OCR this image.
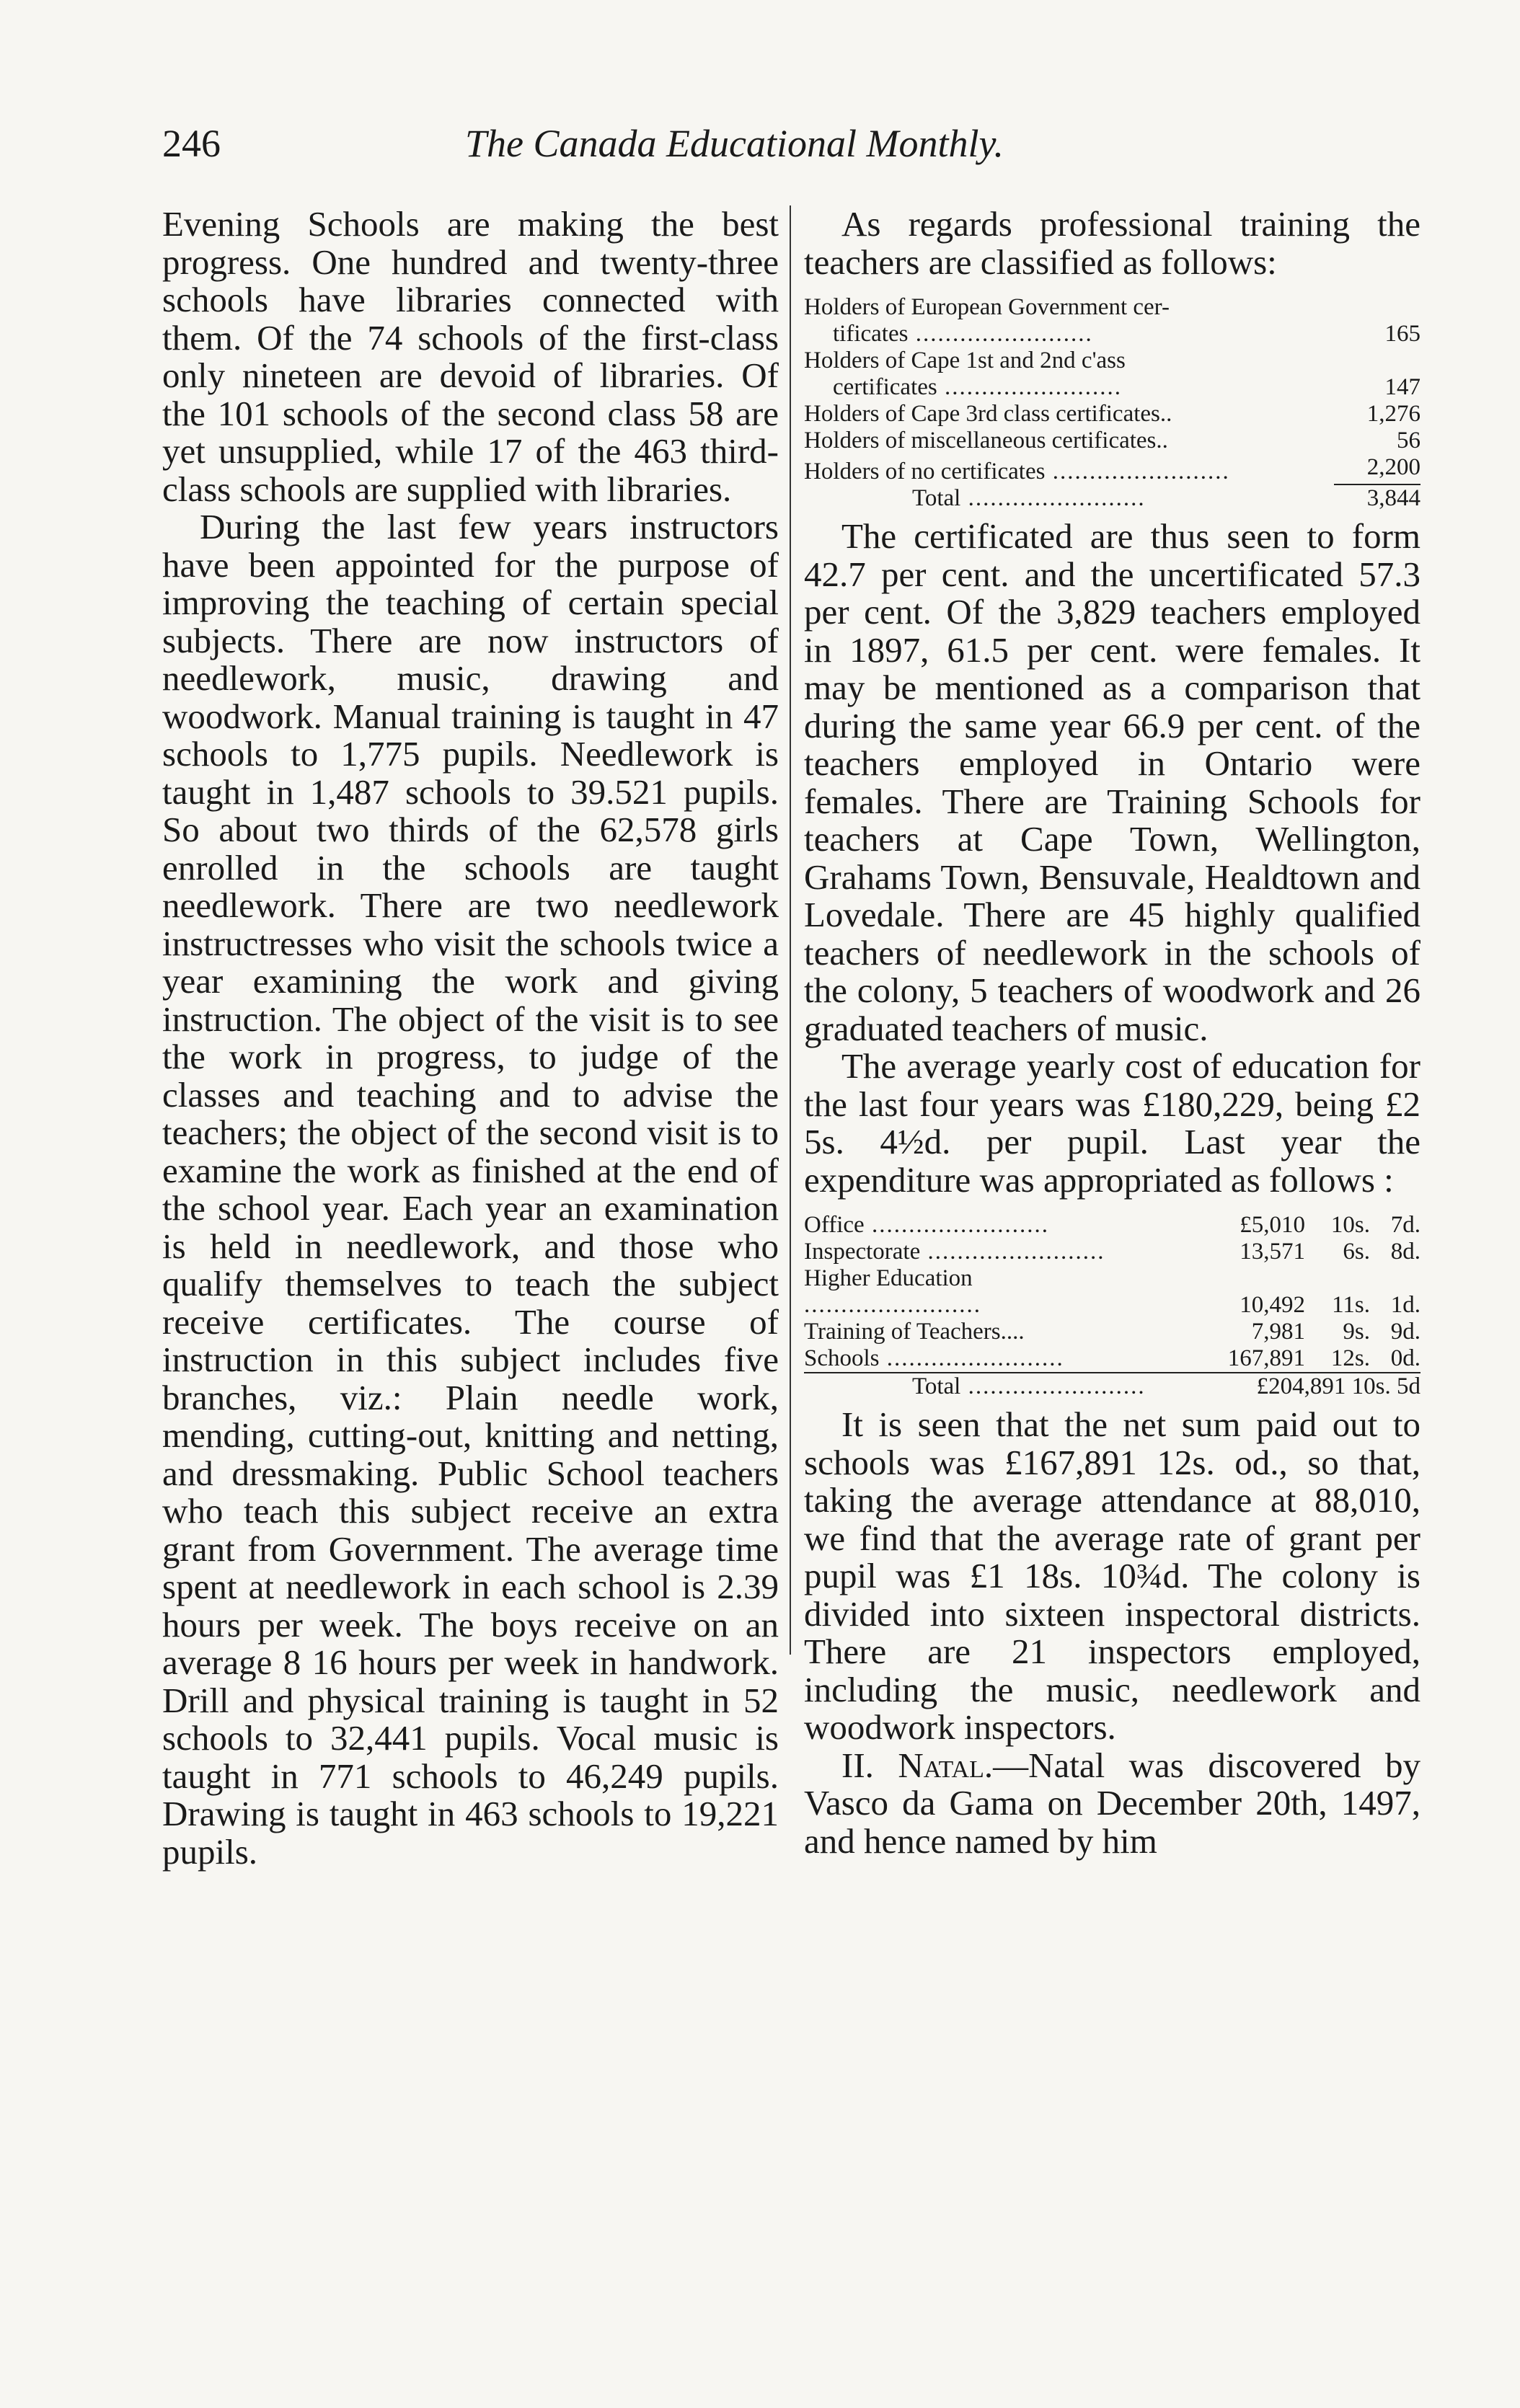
246	The Canada Educational Monthly.

Evening Schools are making the best progress. One hundred and twenty-three schools have libraries connected with them. Of the 74 schools of the first-class only nineteen are devoid of libraries. Of the 101 schools of the second class 58 are yet unsupplied, while 17 of the 463 third-class schools are supplied with libraries.

During the last few years instructors have been appointed for the purpose of improving the teaching of certain special subjects. There are now instructors of needlework, music, drawing and woodwork. Manual training is taught in 47 schools to 1,775 pupils. Needlework is taught in 1,487 schools to 39.521 pupils. So about two thirds of the 62,578 girls enrolled in the schools are taught needlework. There are two needlework instructresses who visit the schools twice a year examining the work and giving instruction. The object of the visit is to see the work in progress, to judge of the classes and teaching and to advise the teachers; the object of the second visit is to examine the work as finished at the end of the school year. Each year an examination is held in needlework, and those who qualify themselves to teach the subject receive certificates. The course of instruction in this subject includes five branches, viz.: Plain needle work, mending, cutting-out, knitting and netting, and dressmaking. Public School teachers who teach this subject receive an extra grant from Government. The average time spent at needlework in each school is 2.39 hours per week. The boys receive on an average 8 16 hours per week in handwork. Drill and physical training is taught in 52 schools to 32,441 pupils. Vocal music is taught in 771 schools to 46,249 pupils. Drawing is taught in 463 schools to 19,221 pupils.

As regards professional training the teachers are classified as follows:

Holders of European Government cer-	
tificates .....	165
Holders of Cape 1st and 2nd c'ass	
certificates .....	147
Holders of Cape 3rd class certificates..	1,276
Holders of miscellaneous certificates..	56
Holders of no certificates .....	2,200

Total .....	3,844

The certificated are thus seen to form 42.7 per cent. and the uncertificated 57.3 per cent. Of the 3,829 teachers employed in 1897, 61.5 per cent. were females. It may be mentioned as a comparison that during the same year 66.9 per cent. of the teachers employed in Ontario were females. There are Training Schools for teachers at Cape Town, Wellington, Grahams Town, Bensuvale, Healdtown and Lovedale. There are 45 highly qualified teachers of needlework in the schools of the colony, 5 teachers of woodwork and 26 graduated teachers of music.

The average yearly cost of education for the last four years was £180,229, being £2 5s. 4½d. per pupil. Last year the expenditure was appropriated as follows :

Office .....	£5,010	10s.	7d.
Inspectorate .....	13,571	6s.	8d.
Higher Education .....	10,492	11s.	1d.
Training of Teachers....	7,981	9s.	9d.
Schools .....	167,891	12s.	0d.
Total .....	£204,891 10s. 5d		

It is seen that the net sum paid out to schools was £167,891 12s. od., so that, taking the average attendance at 88,010, we find that the average rate of grant per pupil was £1 18s. 10¾d. The colony is divided into sixteen inspectoral districts. There are 21 inspectors employed, including the music, needlework and woodwork inspectors.

II. Natal.—Natal was discovered by Vasco da Gama on December 20th, 1497, and hence named by him
